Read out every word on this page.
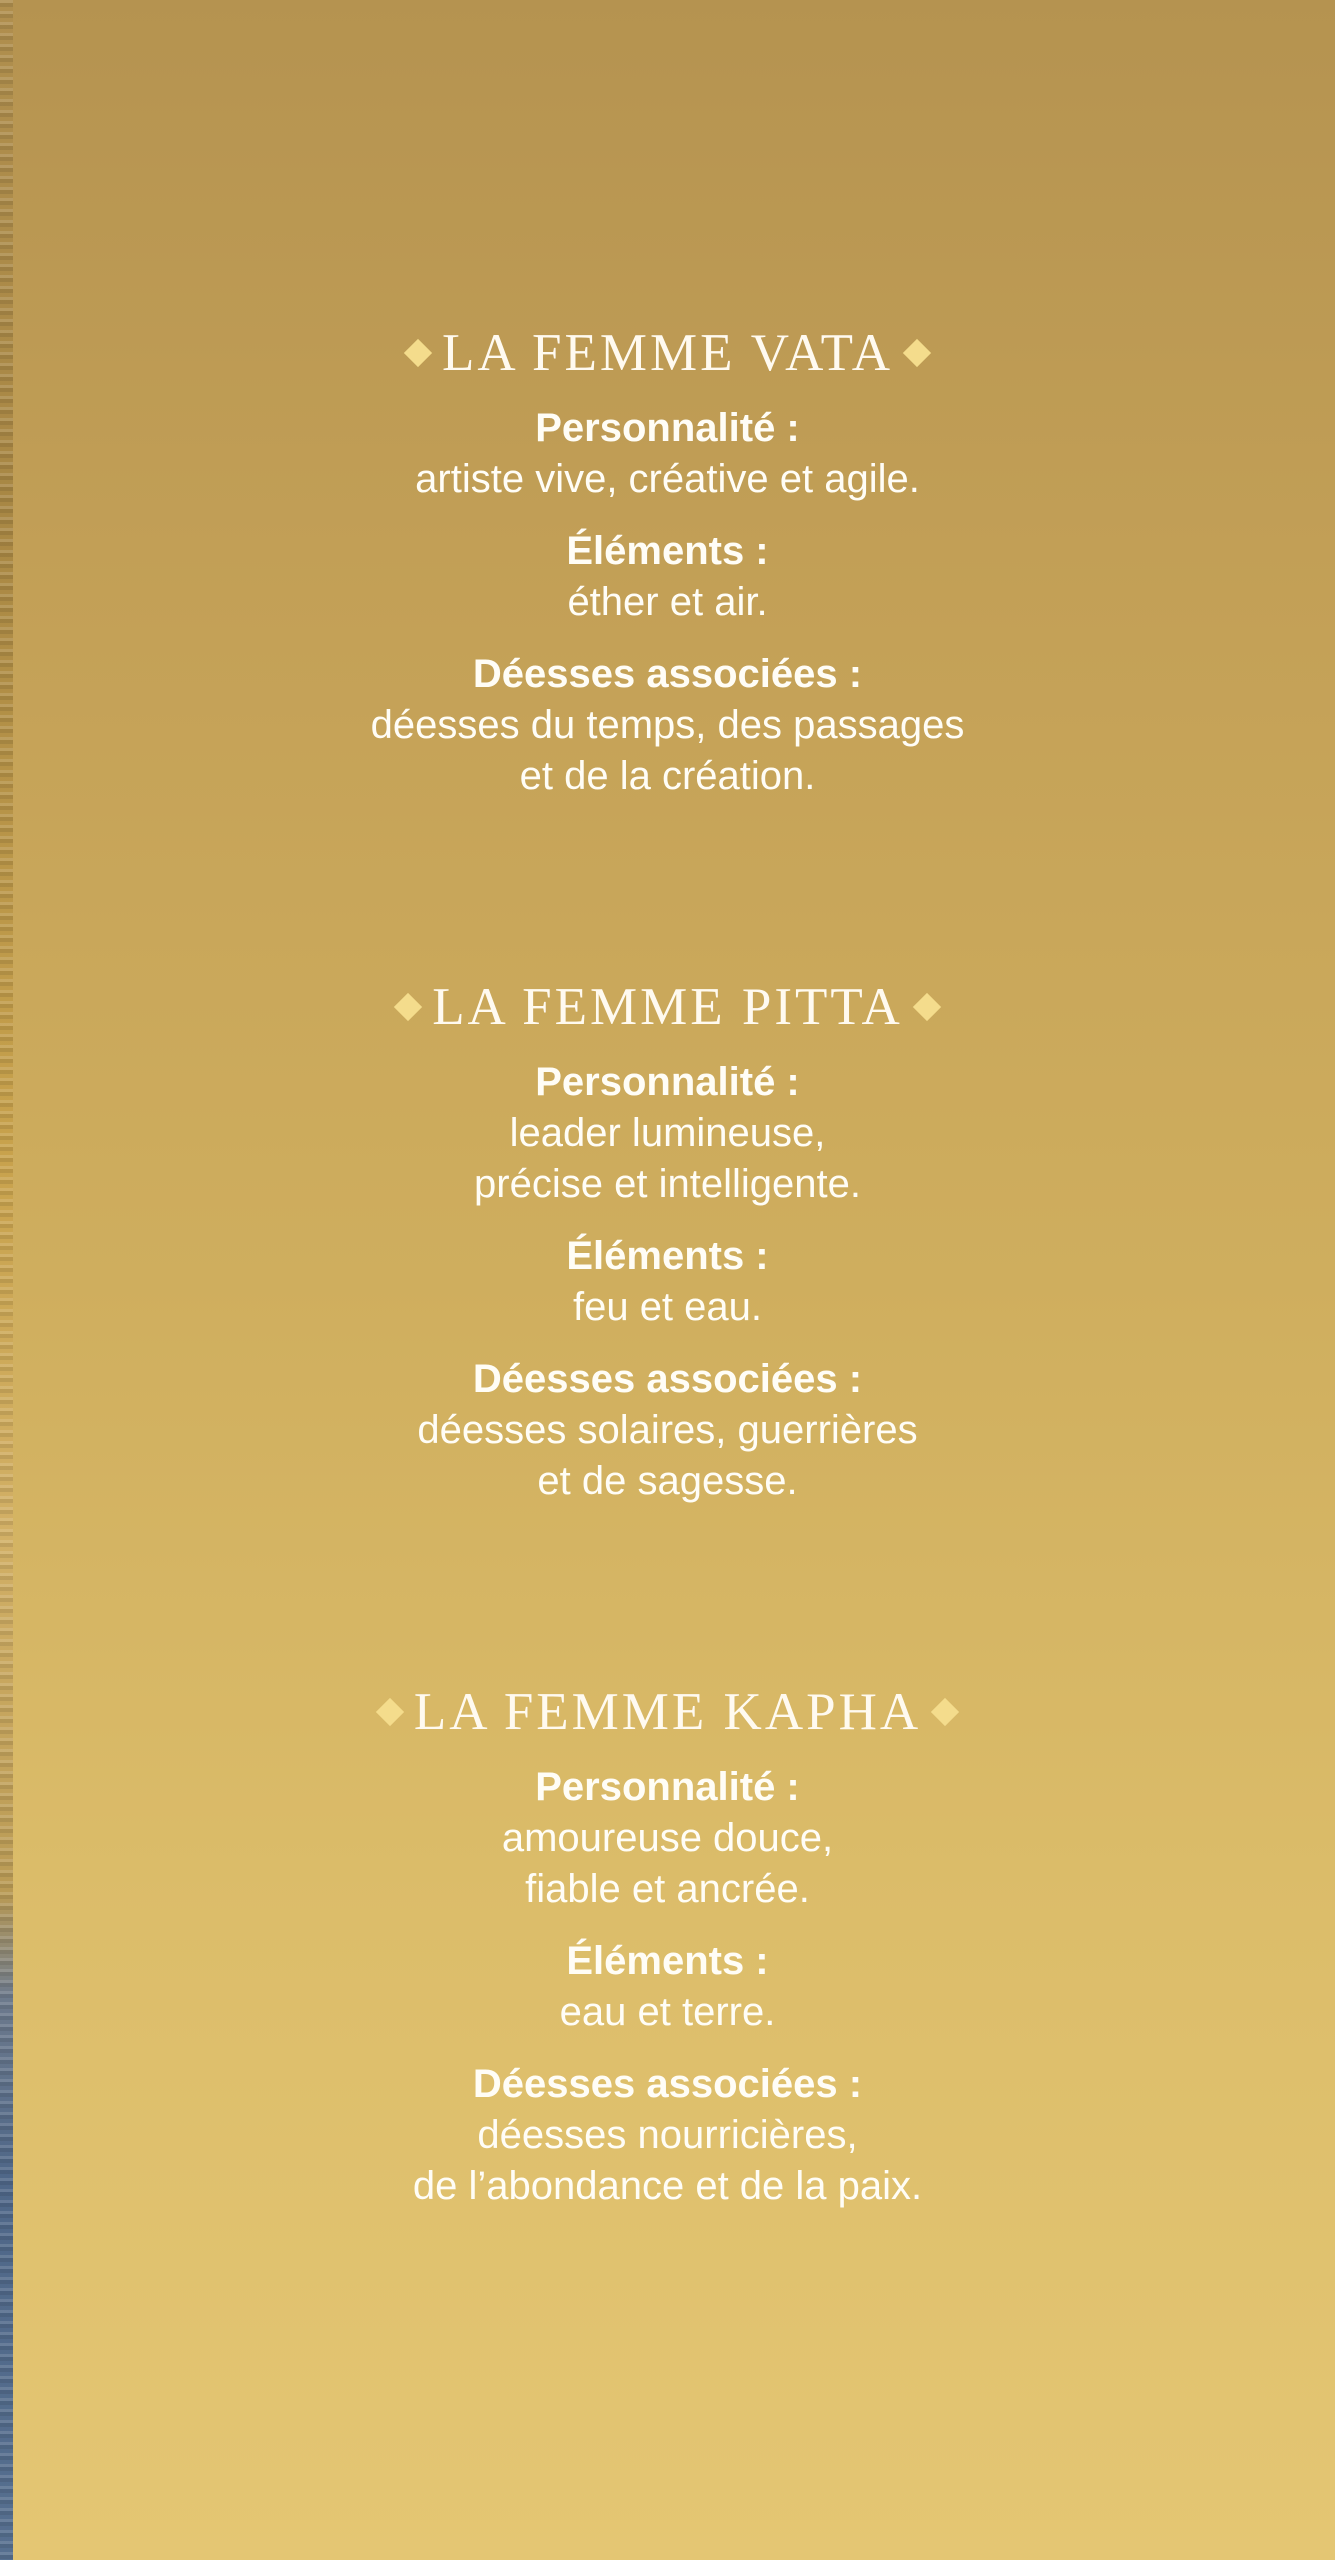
LA FEMME VATA
Personnalité :
artiste vive, créative et agile.
Éléments :
éther et air.
Déesses associées :
déesses du temps, des passages
et de la création.
LA FEMME PITTA
Personnalité :
leader lumineuse,
précise et intelligente.
Éléments :
feu et eau.
Déesses associées :
déesses solaires, guerrières
et de sagesse.
LA FEMME KAPHA
Personnalité :
amoureuse douce,
fiable et ancrée.
Éléments :
eau et terre.
Déesses associées :
déesses nourricières,
de l’abondance et de la paix.
